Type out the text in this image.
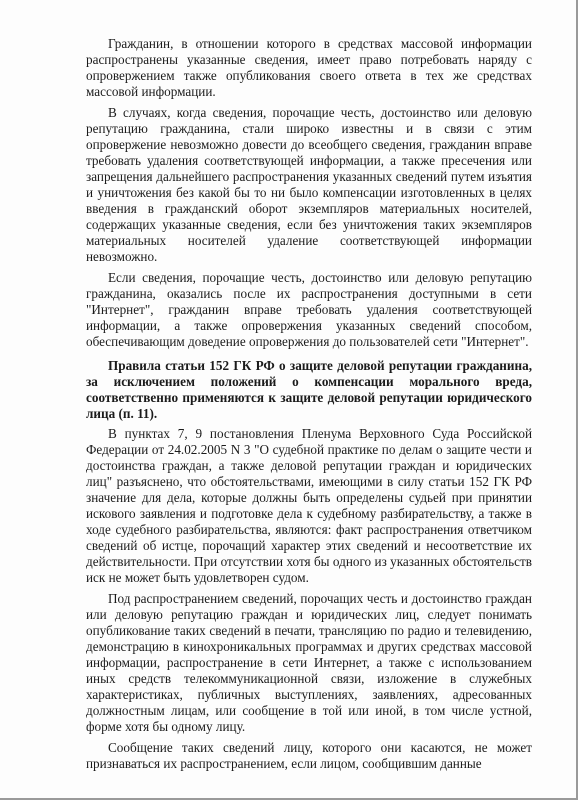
Гражданин, в отношении которого в средствах массовой информации распространены указанные сведения, имеет право потребовать наряду с опровержением также опубликования своего ответа в тех же средствах массовой информации.

В случаях, когда сведения, порочащие честь, достоинство или деловую репутацию гражданина, стали широко известны и в связи с этим опровержение невозможно довести до всеобщего сведения, гражданин вправе требовать удаления соответствующей информации, а также пресечения или запрещения дальнейшего распространения указанных сведений путем изъятия и уничтожения без какой бы то ни было компенсации изготовленных в целях введения в гражданский оборот экземпляров материальных носителей, содержащих указанные сведения, если без уничтожения таких экземпляров материальных носителей удаление соответствующей информации невозможно.

Если сведения, порочащие честь, достоинство или деловую репутацию гражданина, оказались после их распространения доступными в сети "Интернет", гражданин вправе требовать удаления соответствующей информации, а также опровержения указанных сведений способом, обеспечивающим доведение опровержения до пользователей сети "Интернет".

Правила статьи 152 ГК РФ о защите деловой репутации гражданина, за исключением положений о компенсации морального вреда, соответственно применяются к защите деловой репутации юридического лица (п. 11).

В пунктах 7, 9 постановления Пленума Верховного Суда Российской Федерации от 24.02.2005 N 3 "О судебной практике по делам о защите чести и достоинства граждан, а также деловой репутации граждан и юридических лиц" разъяснено, что обстоятельствами, имеющими в силу статьи 152 ГК РФ значение для дела, которые должны быть определены судьей при принятии искового заявления и подготовке дела к судебному разбирательству, а также в ходе судебного разбирательства, являются: факт распространения ответчиком сведений об истце, порочащий характер этих сведений и несоответствие их действительности. При отсутствии хотя бы одного из указанных обстоятельств иск не может быть удовлетворен судом.

Под распространением сведений, порочащих честь и достоинство граждан или деловую репутацию граждан и юридических лиц, следует понимать опубликование таких сведений в печати, трансляцию по радио и телевидению, демонстрацию в кинохроникальных программах и других средствах массовой информации, распространение в сети Интернет, а также с использованием иных средств телекоммуникационной связи, изложение в служебных характеристиках, публичных выступлениях, заявлениях, адресованных должностным лицам, или сообщение в той или иной, в том числе устной, форме хотя бы одному лицу.

Сообщение таких сведений лицу, которого они касаются, не может признаваться их распространением, если лицом, сообщившим данные
